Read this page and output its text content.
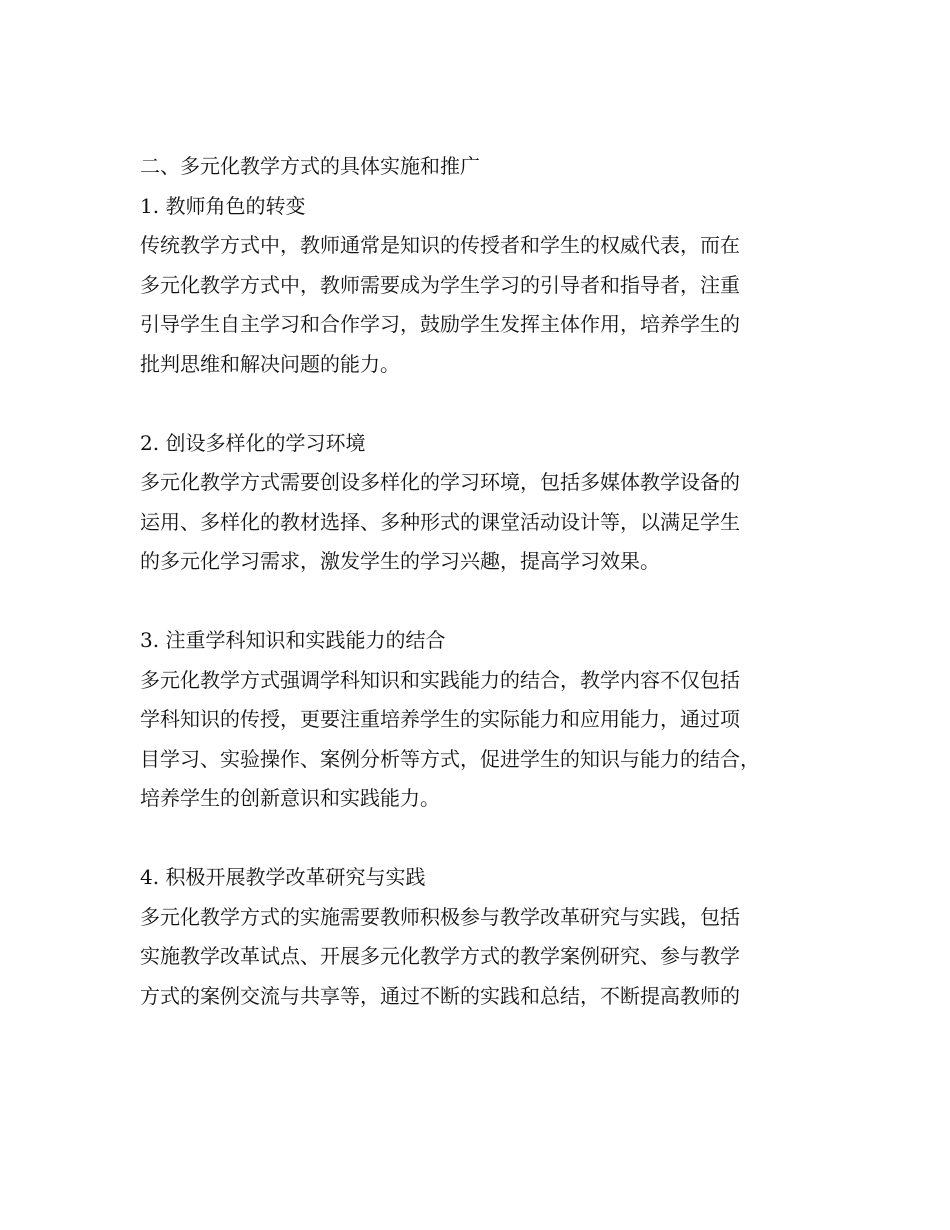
二、多元化教学方式的具体实施和推广
1. 教师角色的转变
传统教学方式中，教师通常是知识的传授者和学生的权威代表，而在
多元化教学方式中，教师需要成为学生学习的引导者和指导者，注重
引导学生自主学习和合作学习，鼓励学生发挥主体作用，培养学生的
批判思维和解决问题的能力。
2. 创设多样化的学习环境
多元化教学方式需要创设多样化的学习环境，包括多媒体教学设备的
运用、多样化的教材选择、多种形式的课堂活动设计等，以满足学生
的多元化学习需求，激发学生的学习兴趣，提高学习效果。
3. 注重学科知识和实践能力的结合
多元化教学方式强调学科知识和实践能力的结合，教学内容不仅包括
学科知识的传授，更要注重培养学生的实际能力和应用能力，通过项
目学习、实验操作、案例分析等方式，促进学生的知识与能力的结合，
培养学生的创新意识和实践能力。
4. 积极开展教学改革研究与实践
多元化教学方式的实施需要教师积极参与教学改革研究与实践，包括
实施教学改革试点、开展多元化教学方式的教学案例研究、参与教学
方式的案例交流与共享等，通过不断的实践和总结，不断提高教师的
